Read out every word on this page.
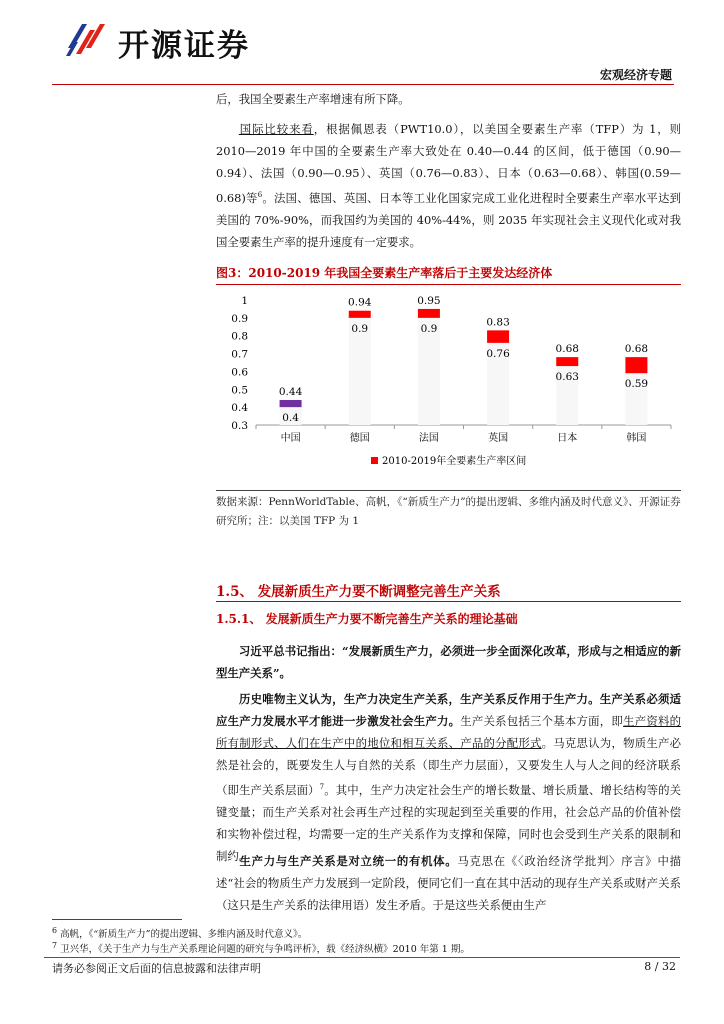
开源证券
宏观经济专题

后，我国全要素生产率增速有所下降。

  国际比较来看，根据佩恩表（PWT10.0），以美国全要素生产率（TFP）为 1，则 2010—2019 年中国的全要素生产率大致处在 0.40—0.44 的区间，低于德国（0.90—0.94）、法国（0.90—0.95）、英国（0.76—0.83）、日本（0.63—0.68）、韩国(0.59—0.68)等$^6$。法国、德国、英国、日本等工业化国家完成工业化进程时全要素生产率水平达到美国的 70%-90%，而我国约为美国的 40%-44%，则 2035 年实现社会主义现代化或对我国全要素生产率的提升速度有一定要求。

图3：2010-2019 年我国全要素生产率落后于主要发达经济体
0.3
0.4
0.5
0.6
0.7
0.8
0.9
1
中国
0.44
0.4
德国
0.94
0.9
法国
0.95
0.9
英国
0.83
0.76
日本
0.68
0.63
韩国
0.68
0.59
2010-2019年全要素生产率区间
数据来源：PennWorldTable、高帆，《“新质生产力”的提出逻辑、多维内涵及时代意义》、开源证券研究所；注：以美国 TFP 为 1
1.5、 发展新质生产力要不断调整完善生产关系
1.5.1、 发展新质生产力要不断完善生产关系的理论基础

  习近平总书记指出：“发展新质生产力，必须进一步全面深化改革，形成与之相适应的新型生产关系”。

  历史唯物主义认为，生产力决定生产关系，生产关系反作用于生产力。生产关系必须适应生产力发展水平才能进一步激发社会生产力。生产关系包括三个基本方面，即生产资料的所有制形式、人们在生产中的地位和相互关系、产品的分配形式。马克思认为，物质生产必然是社会的，既要发生人与自然的关系（即生产力层面），又要发生人与人之间的经济联系（即生产关系层面）$^7$。其中，生产力决定社会生产的增长数量、增长质量、增长结构等的关键变量；而生产关系对社会再生产过程的实现起到至关重要的作用，社会总产品的价值补偿和实物补偿过程，均需要一定的生产关系作为支撑和保障，同时也会受到生产关系的限制和制约。

  生产力与生产关系是对立统一的有机体。马克思在《〈政治经济学批判〉序言》中描述“社会的物质生产力发展到一定阶段，便同它们一直在其中活动的现存生产关系或财产关系（这只是生产关系的法律用语）发生矛盾。于是这些关系便由生产

$^6$ 高帆，《“新质生产力”的提出逻辑、多维内涵及时代意义》。
$^7$ 卫兴华，《关于生产力与生产关系理论问题的研究与争鸣评析》，载《经济纵横》2010 年第 1 期。
请务必参阅正文后面的信息披露和法律声明	8 / 32
